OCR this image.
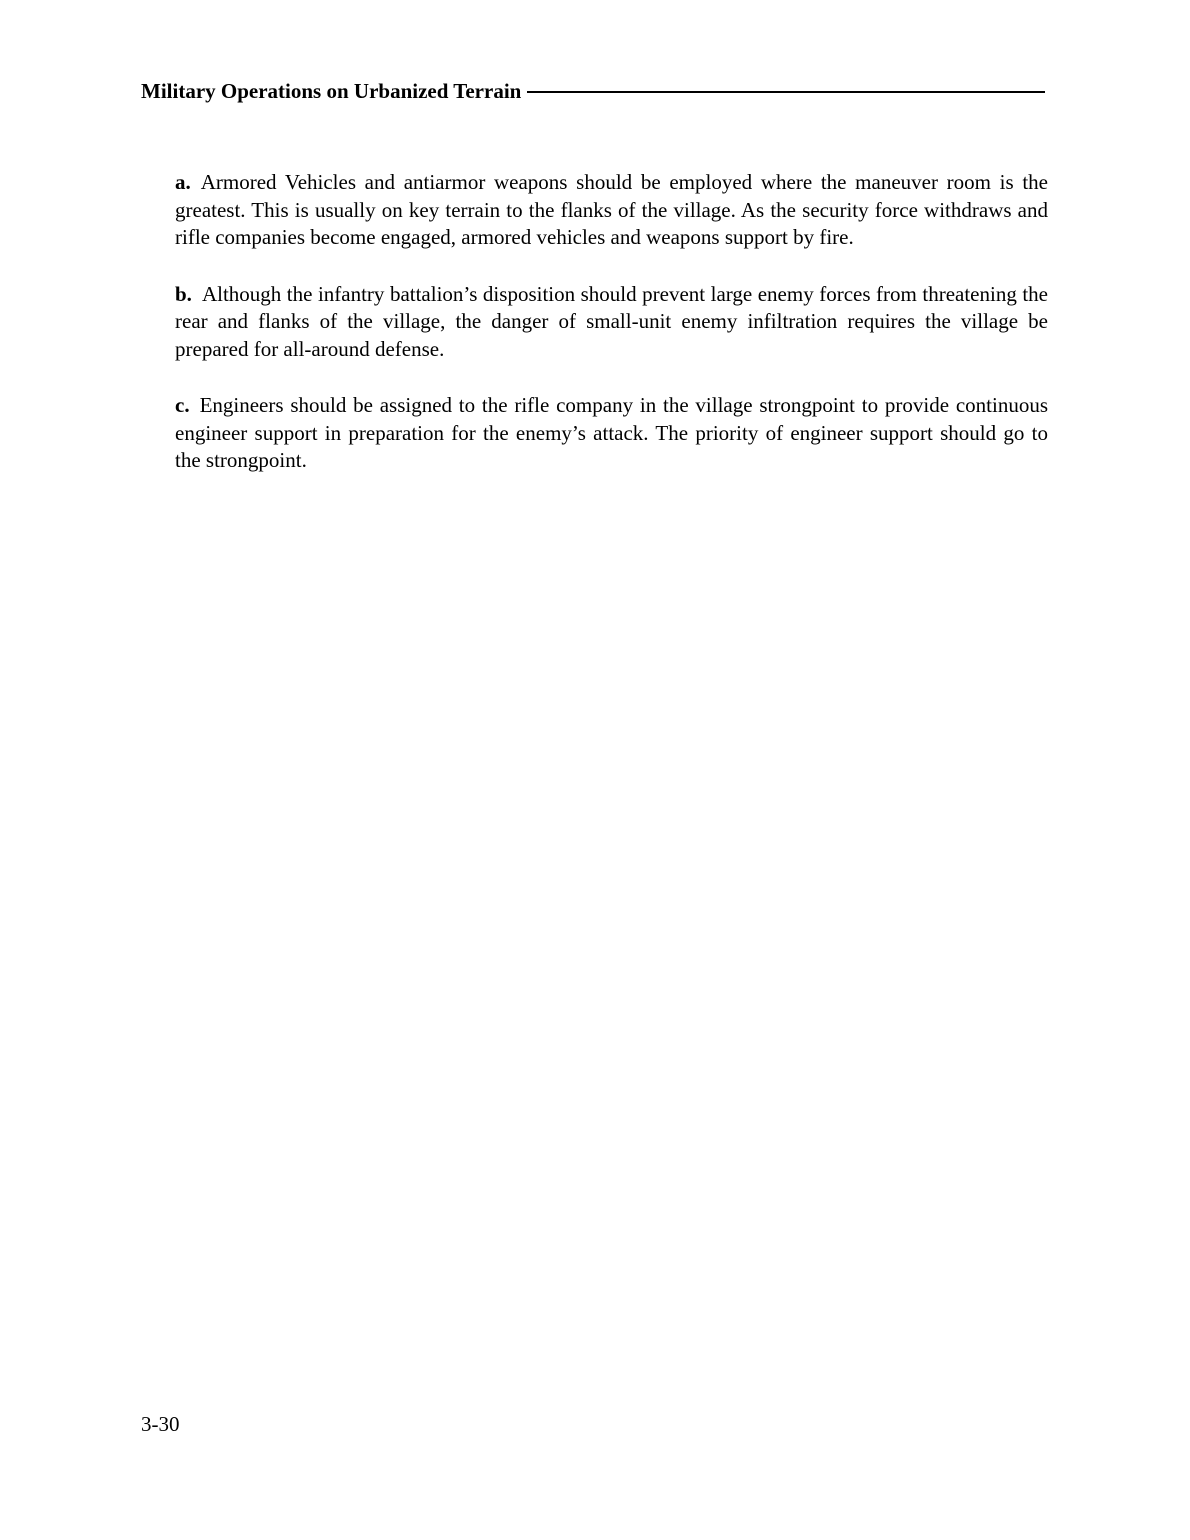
Military Operations on Urbanized Terrain

a. Armored Vehicles and antiarmor weapons should be employed where the maneuver room is the greatest. This is usually on key terrain to the flanks of the village. As the security force withdraws and rifle companies become engaged, armored vehicles and weapons support by fire.

b. Although the infantry battalion’s disposition should prevent large enemy forces from threatening the rear and flanks of the village, the danger of small-unit enemy infiltration requires the village be prepared for all-around defense.

c. Engineers should be assigned to the rifle company in the village strongpoint to provide continuous engineer support in preparation for the enemy’s attack. The priority of engineer support should go to the strongpoint.

3-30
